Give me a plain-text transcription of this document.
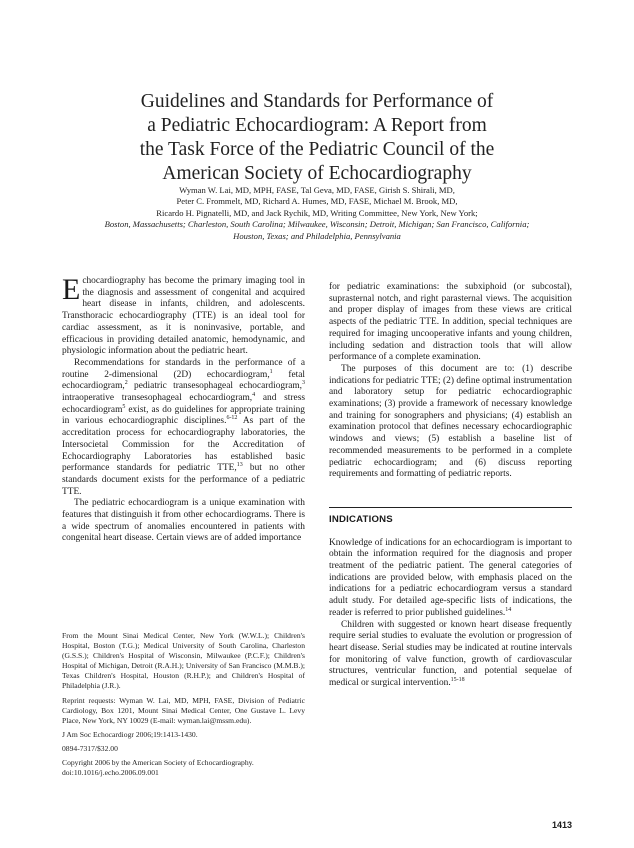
Guidelines and Standards for Performance of
a Pediatric Echocardiogram: A Report from
the Task Force of the Pediatric Council of the
American Society of Echocardiography
Wyman W. Lai, MD, MPH, FASE, Tal Geva, MD, FASE, Girish S. Shirali, MD,
Peter C. Frommelt, MD, Richard A. Humes, MD, FASE, Michael M. Brook, MD,
Ricardo H. Pignatelli, MD, and Jack Rychik, MD, Writing Committee, New York, New York;
Boston, Massachusetts; Charleston, South Carolina; Milwaukee, Wisconsin; Detroit, Michigan; San Francisco, California;
Houston, Texas; and Philadelphia, Pennsylvania

Echocardiography has become the primary imaging tool in the diagnosis and assessment of congenital and acquired heart disease in infants, children, and adolescents. Transthoracic echocardiography (TTE) is an ideal tool for cardiac assessment, as it is noninvasive, portable, and efficacious in providing detailed anatomic, hemodynamic, and physiologic information about the pediatric heart.

Recommendations for standards in the performance of a routine 2-dimensional (2D) echocardiogram,$^1$ fetal echocardiogram,$^2$ pediatric transesophageal echocardiogram,$^3$ intraoperative transesophageal echocardiogram,$^4$ and stress echocardiogram$^5$ exist, as do guidelines for appropriate training in various echocardiographic disciplines.$^{6-12}$ As part of the accreditation process for echocardiography laboratories, the Intersocietal Commission for the Accreditation of Echocardiography Laboratories has established basic performance standards for pediatric TTE,$^{13}$ but no other standards document exists for the performance of a pediatric TTE.

The pediatric echocardiogram is a unique examination with features that distinguish it from other echocardiograms. There is a wide spectrum of anomalies encountered in patients with congenital heart disease. Certain views are of added importance

for pediatric examinations: the subxiphoid (or subcostal), suprasternal notch, and right parasternal views. The acquisition and proper display of images from these views are critical aspects of the pediatric TTE. In addition, special techniques are required for imaging uncooperative infants and young children, including sedation and distraction tools that will allow performance of a complete examination.

The purposes of this document are to: (1) describe indications for pediatric TTE; (2) define optimal instrumentation and laboratory setup for pediatric echocardiographic examinations; (3) provide a framework of necessary knowledge and training for sonographers and physicians; (4) establish an examination protocol that defines necessary echocardiographic windows and views; (5) establish a baseline list of recommended measurements to be performed in a complete pediatric echocardiogram; and (6) discuss reporting requirements and formatting of pediatric reports.

INDICATIONS

Knowledge of indications for an echocardiogram is important to obtain the information required for the diagnosis and proper treatment of the pediatric patient. The general categories of indications are provided below, with emphasis placed on the indications for a pediatric echocardiogram versus a standard adult study. For detailed age-specific lists of indications, the reader is referred to prior published guidelines.$^{14}$

Children with suggested or known heart disease frequently require serial studies to evaluate the evolution or progression of heart disease. Serial studies may be indicated at routine intervals for monitoring of valve function, growth of cardiovascular structures, ventricular function, and potential sequelae of medical or surgical intervention.$^{15-18}$

From the Mount Sinai Medical Center, New York (W.W.L.); Children's Hospital, Boston (T.G.); Medical University of South Carolina, Charleston (G.S.S.); Children's Hospital of Wisconsin, Milwaukee (P.C.F.); Children's Hospital of Michigan, Detroit (R.A.H.); University of San Francisco (M.M.B.); Texas Children's Hospital, Houston (R.H.P.); and Children's Hospital of Philadelphia (J.R.).

Reprint requests: Wyman W. Lai, MD, MPH, FASE, Division of Pediatric Cardiology, Box 1201, Mount Sinai Medical Center, One Gustave L. Levy Place, New York, NY 10029 (E-mail: wyman.lai@mssm.edu).

J Am Soc Echocardiogr 2006;19:1413-1430.
0894-7317/$32.00
Copyright 2006 by the American Society of Echocardiography.
doi:10.1016/j.echo.2006.09.001
1413
